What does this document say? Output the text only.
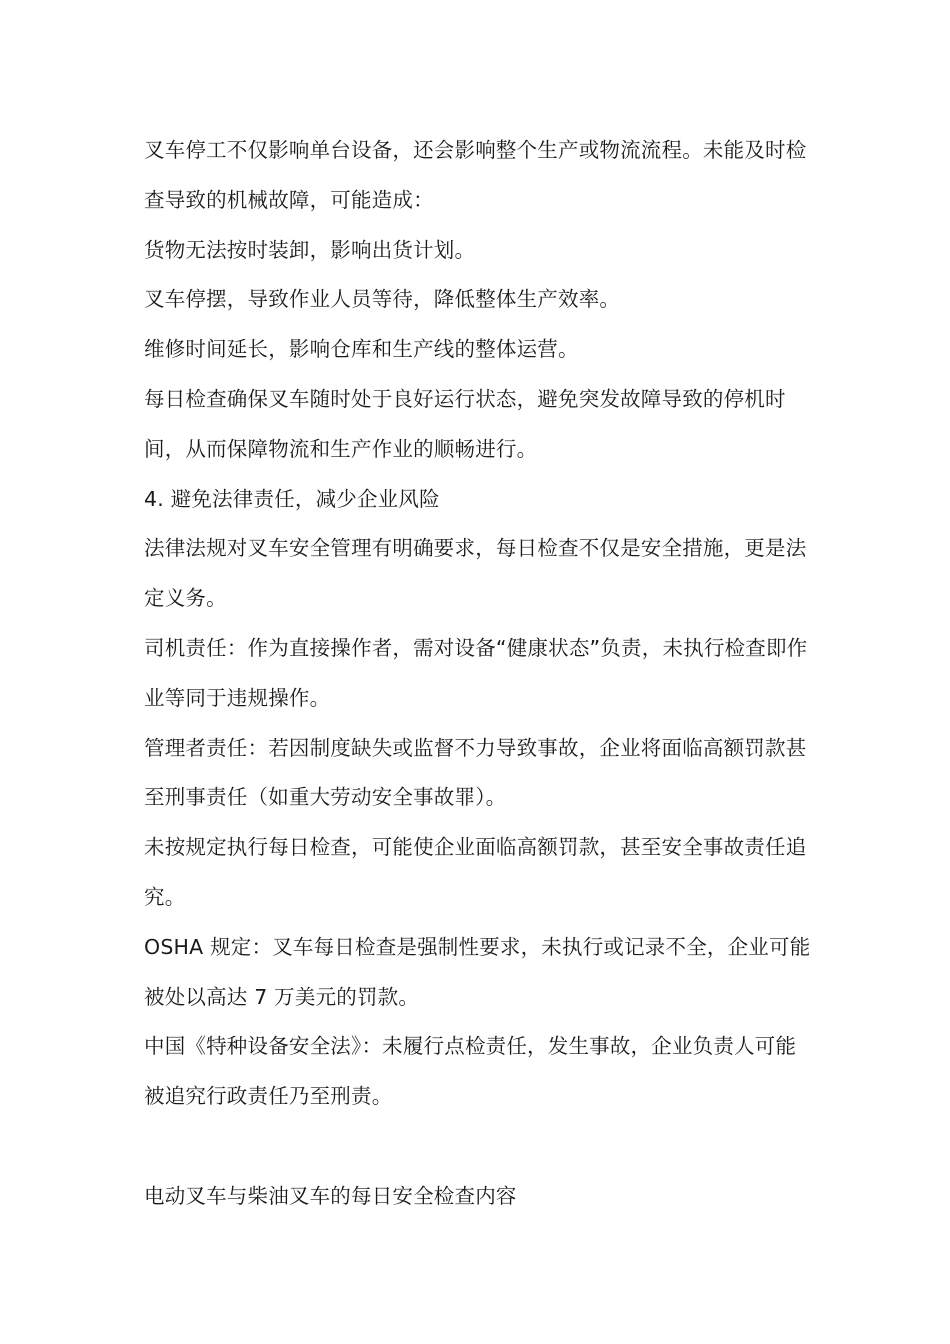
叉车停工不仅影响单台设备，还会影响整个生产或物流流程。未能及时检查导致的机械故障，可能造成：

货物无法按时装卸，影响出货计划。

叉车停摆，导致作业人员等待，降低整体生产效率。

维修时间延长，影响仓库和生产线的整体运营。

每日检查确保叉车随时处于良好运行状态，避免突发故障导致的停机时间，从而保障物流和生产作业的顺畅进行。

4. 避免法律责任，减少企业风险

法律法规对叉车安全管理有明确要求，每日检查不仅是安全措施，更是法定义务。

司机责任：作为直接操作者，需对设备“健康状态”负责，未执行检查即作业等同于违规操作。

管理者责任：若因制度缺失或监督不力导致事故，企业将面临高额罚款甚至刑事责任（如重大劳动安全事故罪）。

未按规定执行每日检查，可能使企业面临高额罚款，甚至安全事故责任追究。

OSHA 规定：叉车每日检查是强制性要求，未执行或记录不全，企业可能被处以高达 7 万美元的罚款。

中国《特种设备安全法》：未履行点检责任，发生事故，企业负责人可能被追究行政责任乃至刑责。

电动叉车与柴油叉车的每日安全检查内容
